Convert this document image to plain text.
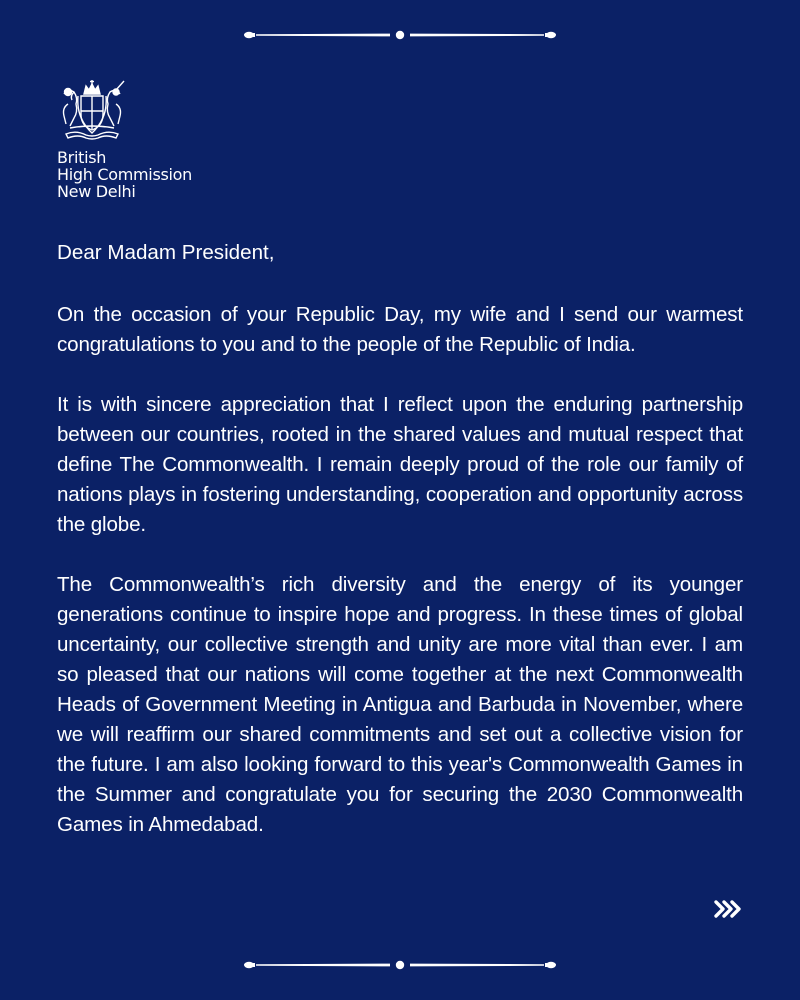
British
High Commission
New Delhi
Dear Madam President,

On the occasion of your Republic Day, my wife and I send our warmest congratulations to you and to the people of the Republic of India.

It is with sincere appreciation that I reflect upon the enduring partnership between our countries, rooted in the shared values and mutual respect that define The Commonwealth. I remain deeply proud of the role our family of nations plays in fostering understanding, cooperation and opportunity across the globe.

The Commonwealth’s rich diversity and the energy of its younger generations continue to inspire hope and progress. In these times of global uncertainty, our collective strength and unity are more vital than ever. I am so pleased that our nations will come together at the next Commonwealth Heads of Government Meeting in Antigua and Barbuda in November, where we will reaffirm our shared commitments and set out a collective vision for the future. I am also looking forward to this year's Commonwealth Games in the Summer and congratulate you for securing the 2030 Commonwealth Games in Ahmedabad.
